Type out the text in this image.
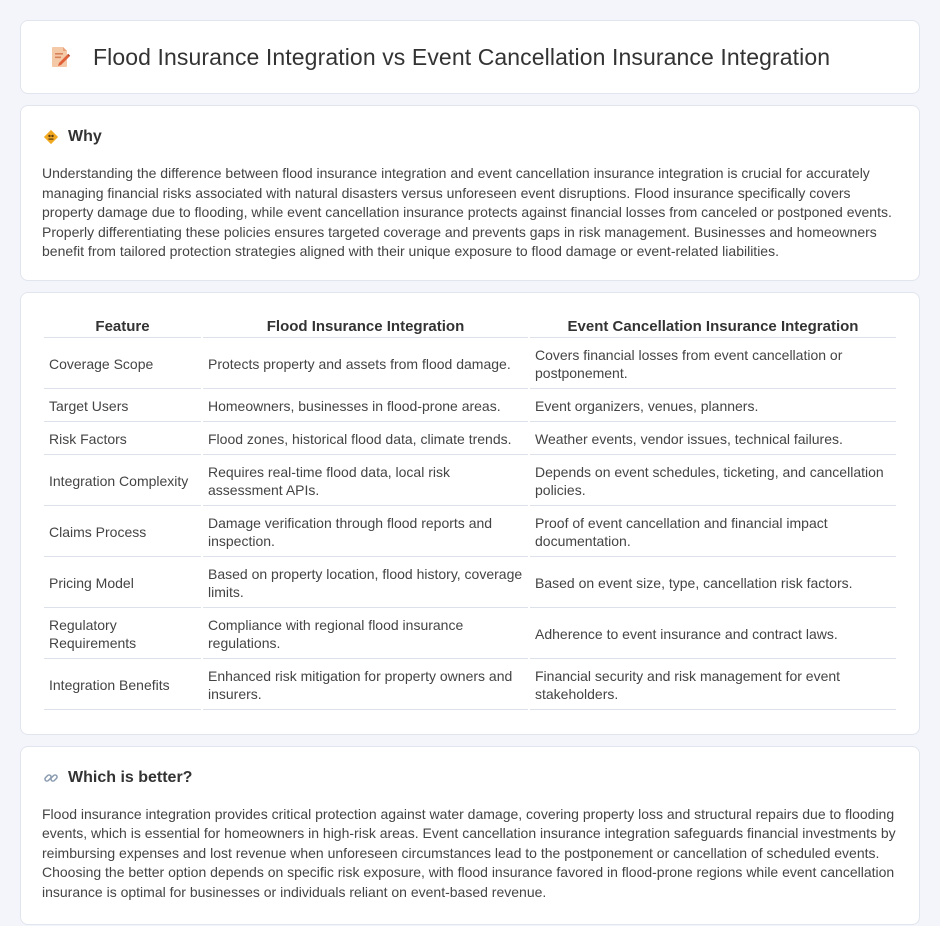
Flood Insurance Integration vs Event Cancellation Insurance Integration
Why

Understanding the difference between flood insurance integration and event cancellation insurance integration is crucial for accurately managing financial risks associated with natural disasters versus unforeseen event disruptions. Flood insurance specifically covers property damage due to flooding, while event cancellation insurance protects against financial losses from canceled or postponed events. Properly differentiating these policies ensures targeted coverage and prevents gaps in risk management. Businesses and homeowners benefit from tailored protection strategies aligned with their unique exposure to flood damage or event-related liabilities.

Feature	Flood Insurance Integration	Event Cancellation Insurance Integration
Coverage Scope	Protects property and assets from flood damage.	Covers financial losses from event cancellation or postponement.
Target Users	Homeowners, businesses in flood-prone areas.	Event organizers, venues, planners.
Risk Factors	Flood zones, historical flood data, climate trends.	Weather events, vendor issues, technical failures.
Integration Complexity	Requires real-time flood data, local risk assessment APIs.	Depends on event schedules, ticketing, and cancellation policies.
Claims Process	Damage verification through flood reports and inspection.	Proof of event cancellation and financial impact documentation.
Pricing Model	Based on property location, flood history, coverage limits.	Based on event size, type, cancellation risk factors.
Regulatory Requirements	Compliance with regional flood insurance regulations.	Adherence to event insurance and contract laws.
Integration Benefits	Enhanced risk mitigation for property owners and insurers.	Financial security and risk management for event stakeholders.
Which is better?

Flood insurance integration provides critical protection against water damage, covering property loss and structural repairs due to flooding events, which is essential for homeowners in high-risk areas. Event cancellation insurance integration safeguards financial investments by reimbursing expenses and lost revenue when unforeseen circumstances lead to the postponement or cancellation of scheduled events. Choosing the better option depends on specific risk exposure, with flood insurance favored in flood-prone regions while event cancellation insurance is optimal for businesses or individuals reliant on event-based revenue.
